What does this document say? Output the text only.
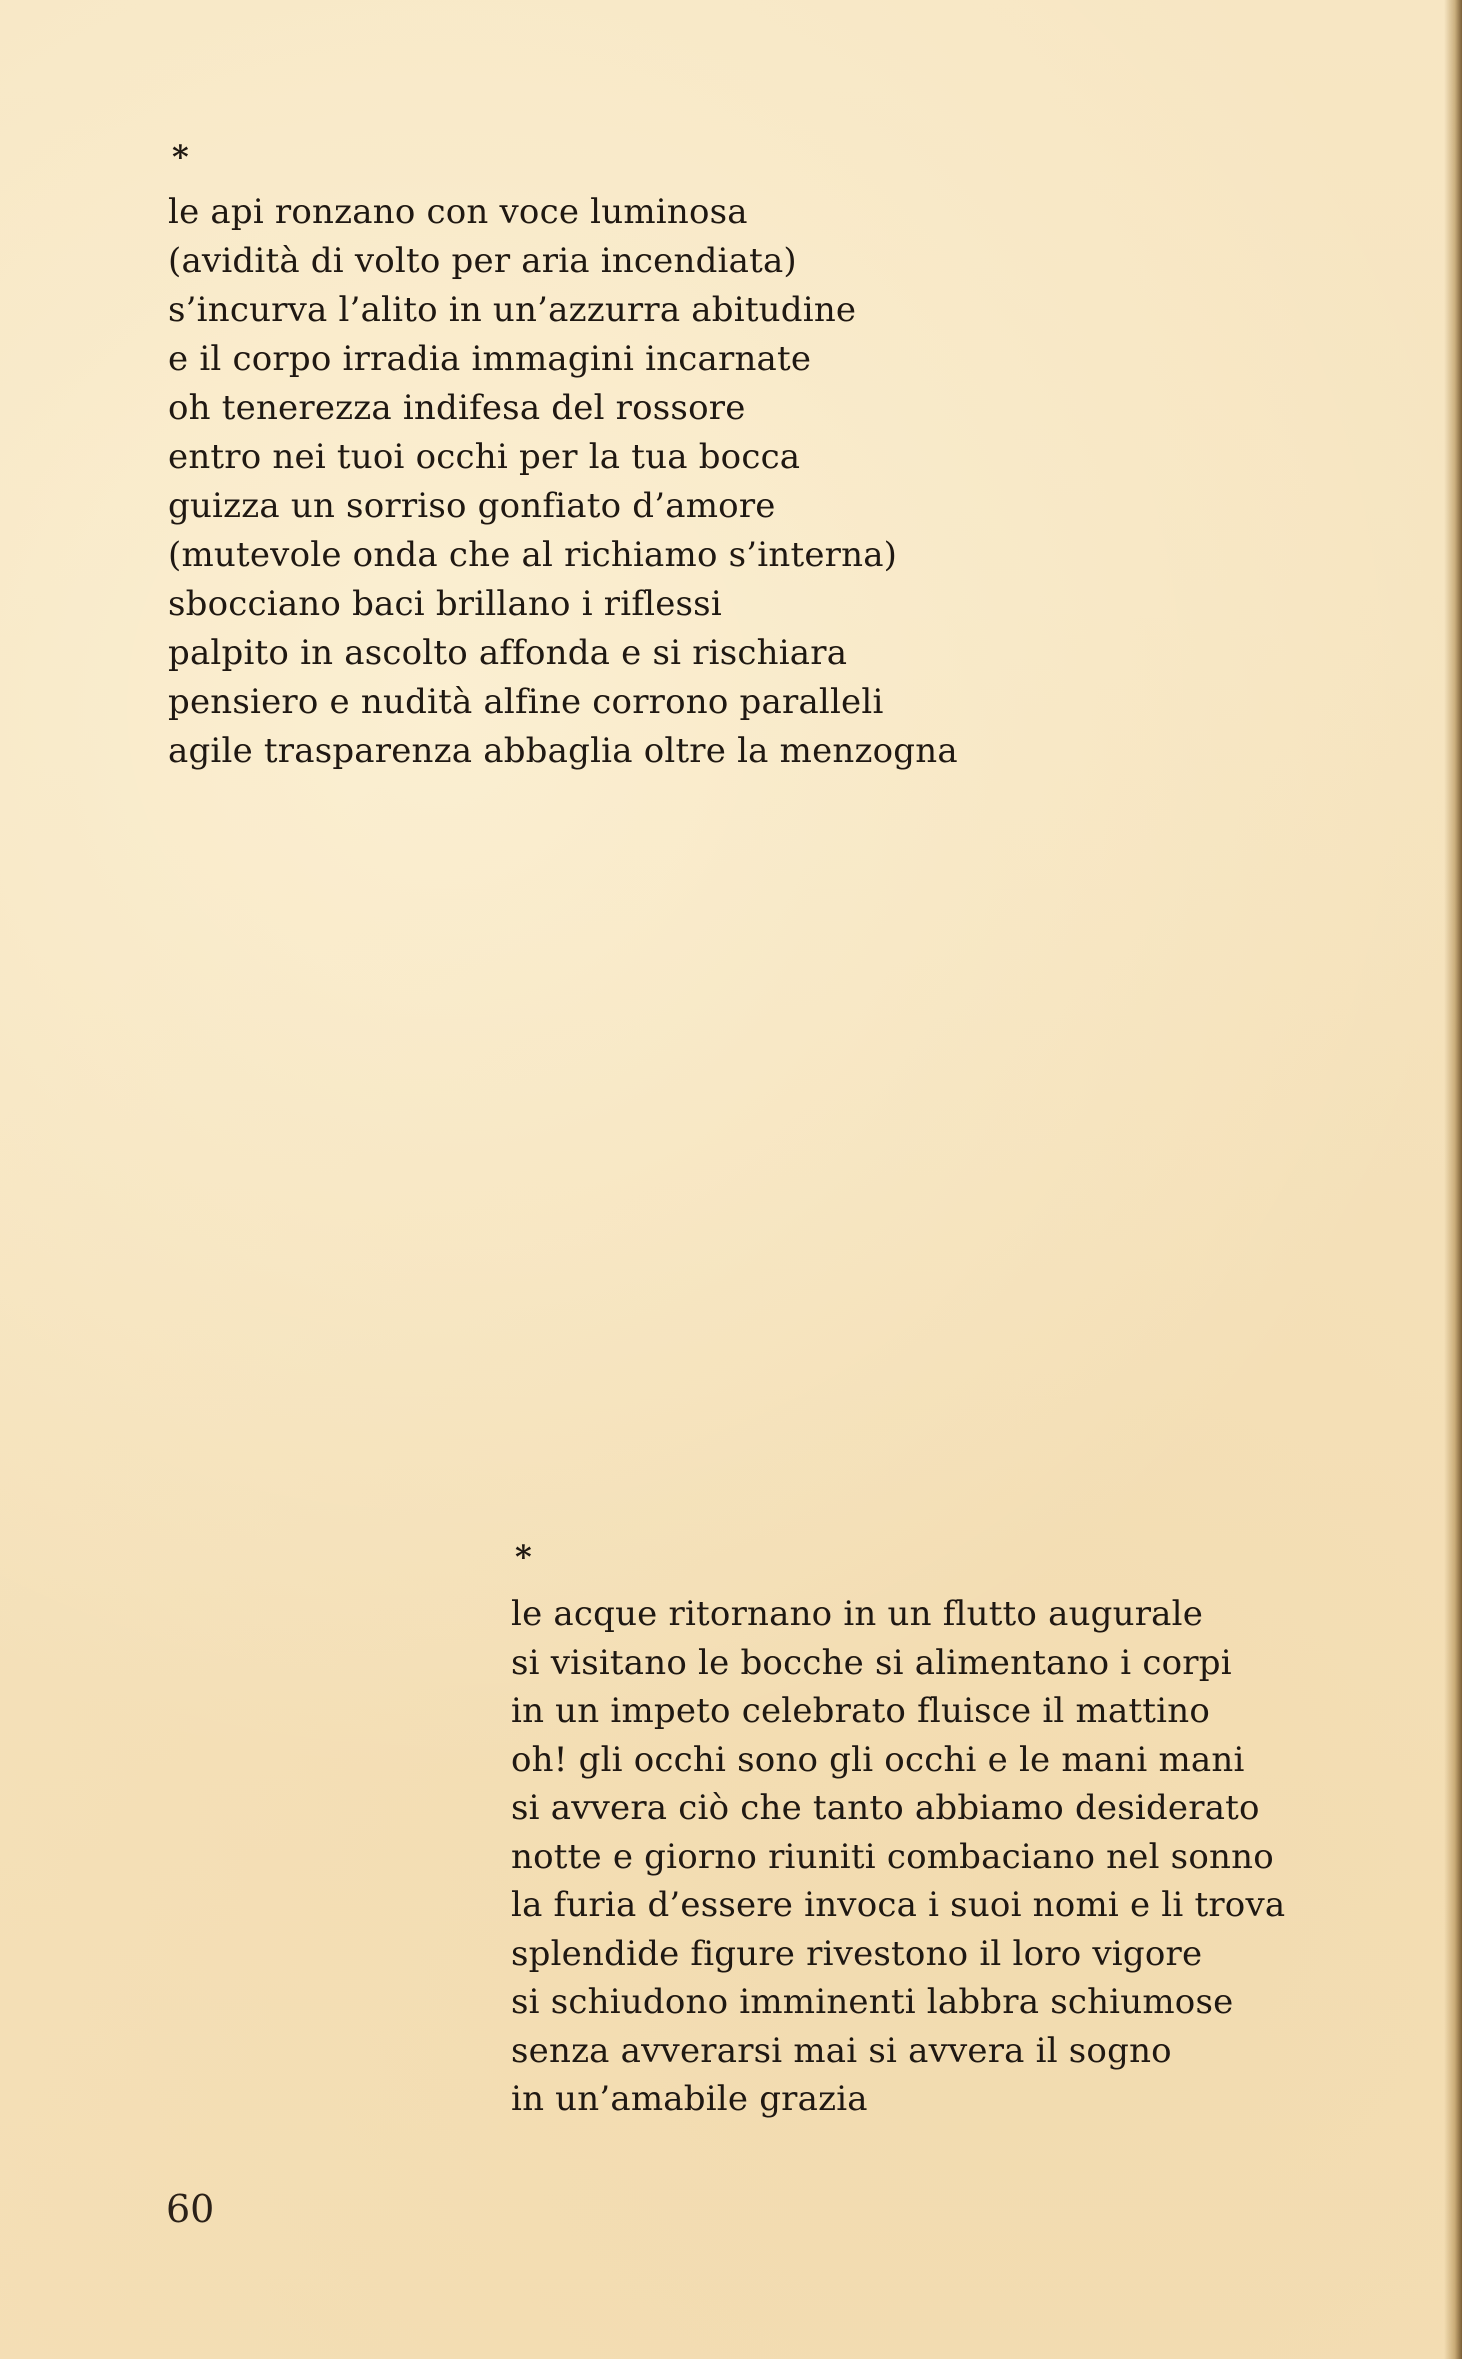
*
le api ronzano con voce luminosa
(avidità di volto per aria incendiata)
s’incurva l’alito in un’azzurra abitudine
e il corpo irradia immagini incarnate
oh tenerezza indifesa del rossore
entro nei tuoi occhi per la tua bocca
guizza un sorriso gonfiato d’amore
(mutevole onda che al richiamo s’interna)
sbocciano baci brillano i riflessi
palpito in ascolto affonda e si rischiara
pensiero e nudità alfine corrono paralleli
agile trasparenza abbaglia oltre la menzogna
*
le acque ritornano in un flutto augurale
si visitano le bocche si alimentano i corpi
in un impeto celebrato fluisce il mattino
oh! gli occhi sono gli occhi e le mani mani
si avvera ciò che tanto abbiamo desiderato
notte e giorno riuniti combaciano nel sonno
la furia d’essere invoca i suoi nomi e li trova
splendide figure rivestono il loro vigore
si schiudono imminenti labbra schiumose
senza avverarsi mai si avvera il sogno
in un’amabile grazia
60
